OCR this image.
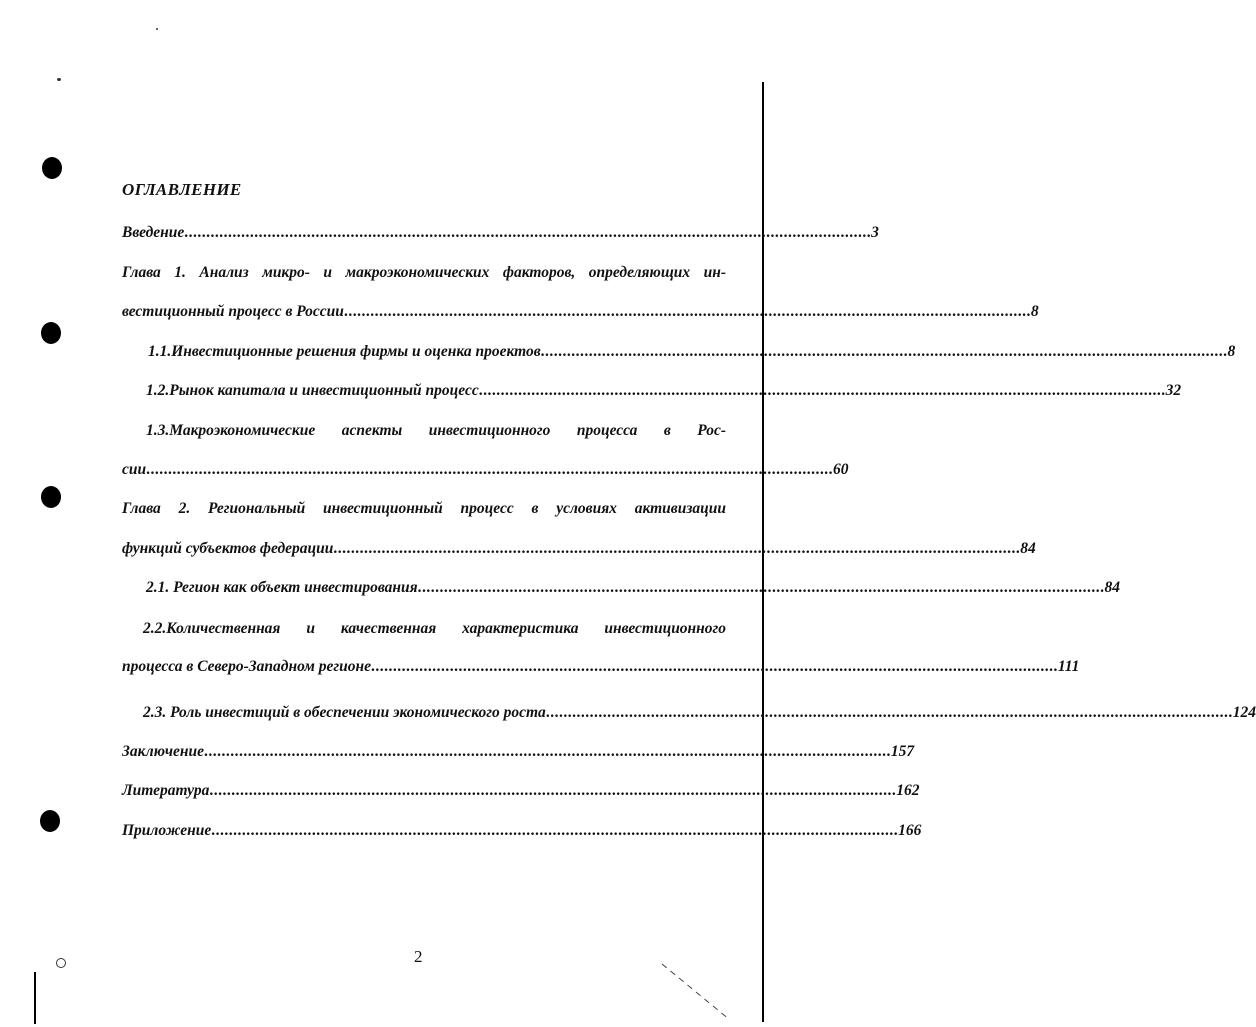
ОГЛАВЛЕНИЕ
Введение ............................................................................................................................................................. 3
Глава 1. Анализ микро- и макроэкономических факторов, определяющих ин-
вестиционный процесс в России ............................................................................................................................................................. 8
1.1.Инвестиционные решения фирмы и оценка проектов ............................................................................................................................................................. 8
1.2.Рынок капитала и инвестиционный процесс ............................................................................................................................................................. 32
1.3.Макроэкономические аспекты инвестиционного процесса в Рос-
сии ............................................................................................................................................................. 60
Глава 2. Региональный инвестиционный процесс в условиях активизации
функций субъектов федерации ............................................................................................................................................................. 84
2.1. Регион как объект инвестирования ............................................................................................................................................................. 84
2.2.Количественная и качественная характеристика инвестиционного
процесса в Северо-Западном регионе ............................................................................................................................................................. 111
2.3. Роль инвестиций в обеспечении экономического роста ............................................................................................................................................................. 124
Заключение ............................................................................................................................................................. 157
Литература ............................................................................................................................................................. 162
Приложение ............................................................................................................................................................. 166
2
